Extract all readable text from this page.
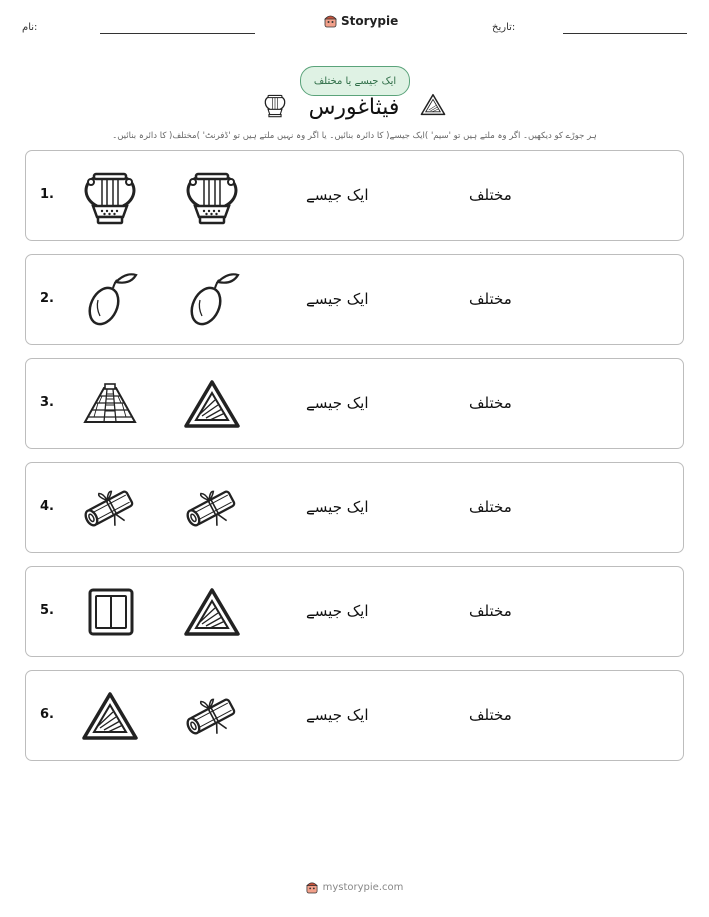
نام:	Storypie	تاریخ:
ایک جیسے یا مختلف
فیثاغورس
ہر جوڑے کو دیکھیں۔ اگر وہ ملتے ہیں تو 'سیم' )ایک جیسے( کا دائرہ بنائیں۔ یا اگر وہ نہیں ملتے ہیں تو 'ڈفرنٹ' )مختلف( کا دائرہ بنائیں۔
1.	ایک جیسے	مختلف
2.	ایک جیسے	مختلف
3.	ایک جیسے	مختلف
4.	ایک جیسے	مختلف
5.	ایک جیسے	مختلف
6.	ایک جیسے	مختلف
mystorypie.com
